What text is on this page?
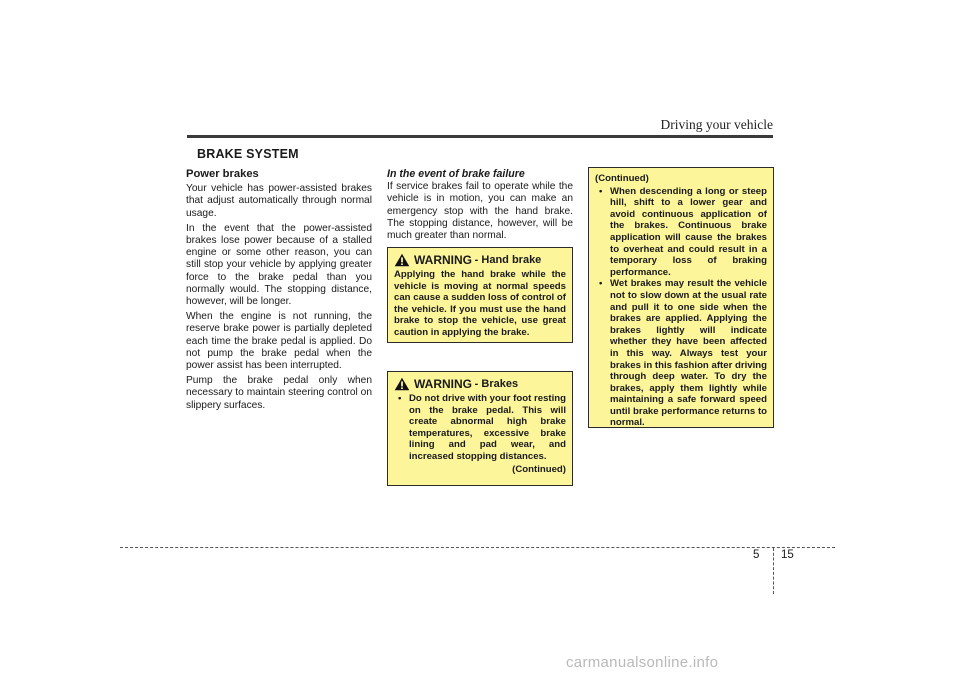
Driving your vehicle
BRAKE SYSTEM
Power brakes

Your vehicle has power-assisted brakes that adjust automatically through normal usage.

In the event that the power-assisted brakes lose power because of a stalled engine or some other reason, you can still stop your vehicle by applying greater force to the brake pedal than you normally would. The stopping distance, however, will be longer.

When the engine is not running, the reserve brake power is partially depleted each time the brake pedal is applied. Do not pump the brake pedal when the power assist has been interrupted.

Pump the brake pedal only when necessary to maintain steering control on slippery surfaces.

In the event of brake failure

If service brakes fail to operate while the vehicle is in motion, you can make an emergency stop with the hand brake. The stopping distance, however, will be much greater than normal.

WARNING
- Hand brake

Applying the hand brake while the vehicle is moving at normal speeds can cause a sudden loss of control of the vehicle. If you must use the hand brake to stop the vehicle, use great caution in applying the brake.

WARNING
- Brakes
• Do not drive with your foot resting on the brake pedal. This will create abnormal high brake temperatures, excessive brake lining and pad wear, and increased stopping distances.
(Continued)
(Continued)
• When descending a long or steep hill, shift to a lower gear and avoid continuous application of the brakes. Continuous brake application will cause the brakes to overheat and could result in a temporary loss of braking performance.
• Wet brakes may result the vehicle not to slow down at the usual rate and pull it to one side when the brakes are applied. Applying the brakes lightly will indicate whether they have been affected in this way. Always test your brakes in this fashion after driving through deep water. To dry the brakes, apply them lightly while maintaining a safe forward speed until brake performance returns to normal.
5 15
carmanualsonline.info
